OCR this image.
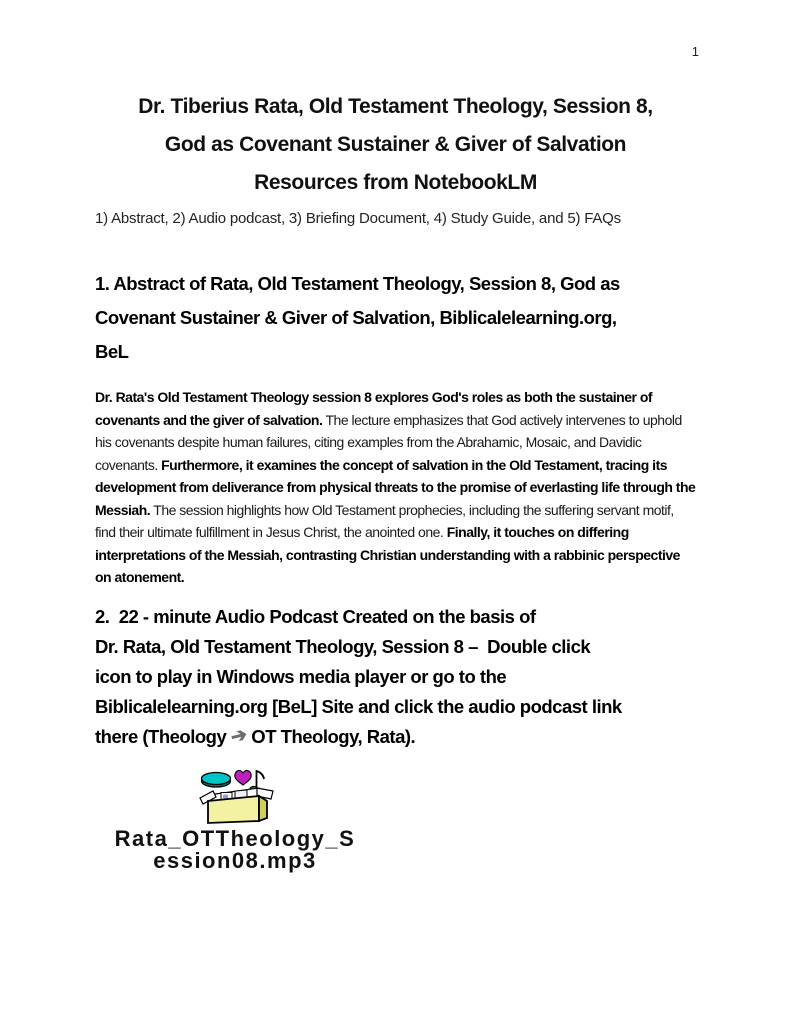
1
Dr. Tiberius Rata, Old Testament Theology, Session 8,
God as Covenant Sustainer & Giver of Salvation
Resources from NotebookLM

1) Abstract, 2) Audio podcast, 3) Briefing Document, 4) Study Guide, and 5) FAQs

1. Abstract of Rata, Old Testament Theology, Session 8, God as
Covenant Sustainer & Giver of Salvation, Biblicalelearning.org,
BeL

Dr. Rata's Old Testament Theology session 8 explores God's roles as both the sustainer of covenants and the giver of salvation. The lecture emphasizes that God actively intervenes to uphold his covenants despite human failures, citing examples from the Abrahamic, Mosaic, and Davidic covenants. Furthermore, it examines the concept of salvation in the Old Testament, tracing its development from deliverance from physical threats to the promise of everlasting life through the Messiah. The session highlights how Old Testament prophecies, including the suffering servant motif, find their ultimate fulfillment in Jesus Christ, the anointed one. Finally, it touches on differing interpretations of the Messiah, contrasting Christian understanding with a rabbinic perspective on atonement.

2.  22 - minute Audio Podcast Created on the basis of
Dr. Rata, Old Testament Theology, Session 8 –  Double click
icon to play in Windows media player or go to the
Biblicalelearning.org [BeL] Site and click the audio podcast link
there (Theology ➔ OT Theology, Rata).
Rata_OTTheology_S
ession08.mp3
